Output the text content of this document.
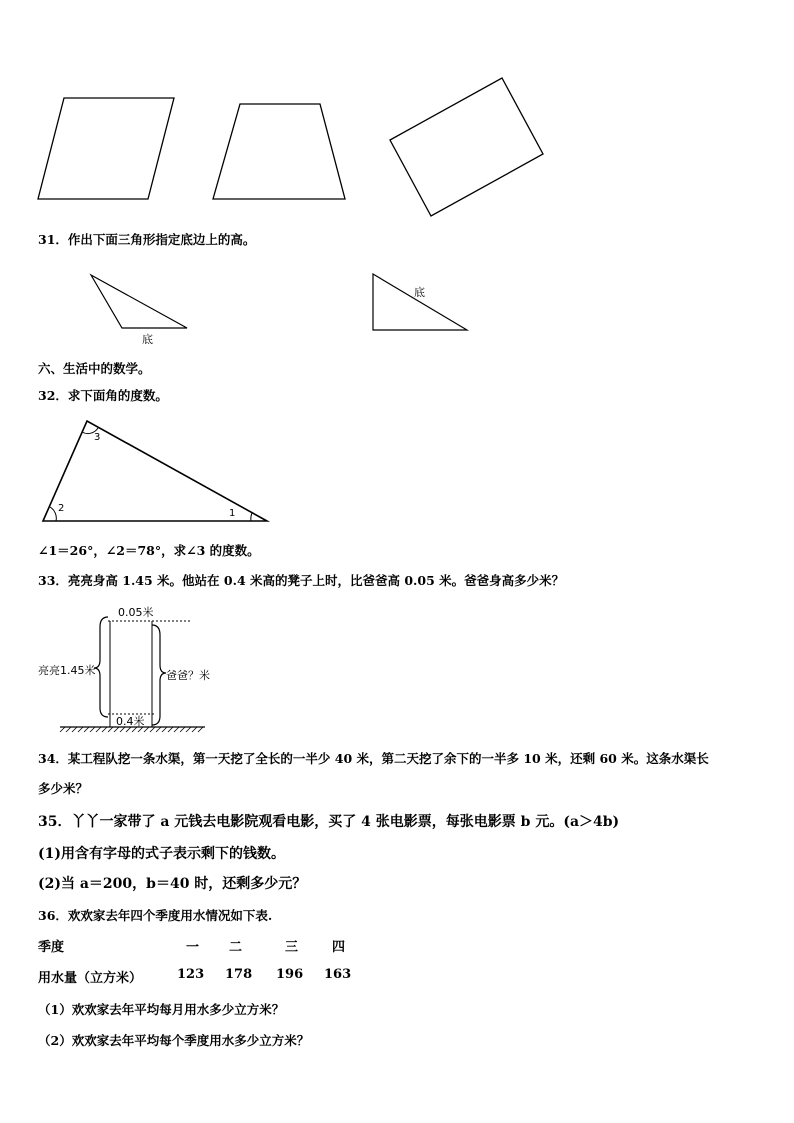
31．作出下面三角形指定底边上的高。
底
底
六、生活中的数学。
32．求下面角的度数。
3
2	1
∠1＝26°，∠2＝78°，求∠3 的度数。
33．亮亮身高 1.45 米。他站在 0.4 米高的凳子上时，比爸爸高 0.05 米。爸爸身高多少米？
0.05米
亮亮1.45米	爸爸？米
0.4米
34．某工程队挖一条水渠，第一天挖了全长的一半少 40 米，第二天挖了余下的一半多 10 米，还剩 60 米。这条水渠长
多少米？
35．丫丫一家带了 a 元钱去电影院观看电影，买了 4 张电影票，每张电影票 b 元。(a＞4b)
(1)用含有字母的式子表示剩下的钱数。
(2)当 a＝200，b＝40 时，还剩多少元？
36．欢欢家去年四个季度用水情况如下表.
季度	一 二	三	四
用水量（立方米）	123 178 196 163
（1）欢欢家去年平均每月用水多少立方米？
（2）欢欢家去年平均每个季度用水多少立方米？
